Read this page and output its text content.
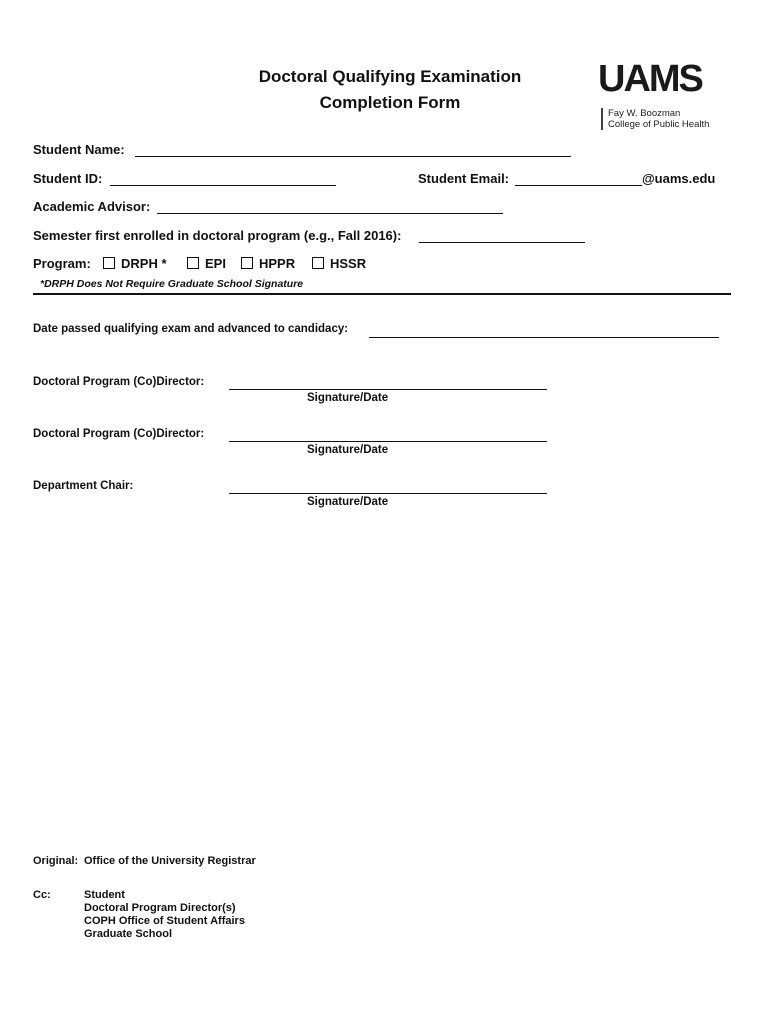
Doctoral Qualifying Examination
Completion Form
UAMS
Fay W. Boozman
College of Public Health
Student Name:
Student ID:	Student Email:	@uams.edu
Academic Advisor:
Semester first enrolled in doctoral program (e.g., Fall 2016):
Program:	DRPH *	EPI	HPPR	HSSR
*DRPH Does Not Require Graduate School Signature
Date passed qualifying exam and advanced to candidacy:
Doctoral Program (Co)Director:
Signature/Date
Doctoral Program (Co)Director:
Signature/Date
Department Chair:
Signature/Date
Original: Office of the University Registrar
Cc:	Student
Doctoral Program Director(s)
COPH Office of Student Affairs
Graduate School
